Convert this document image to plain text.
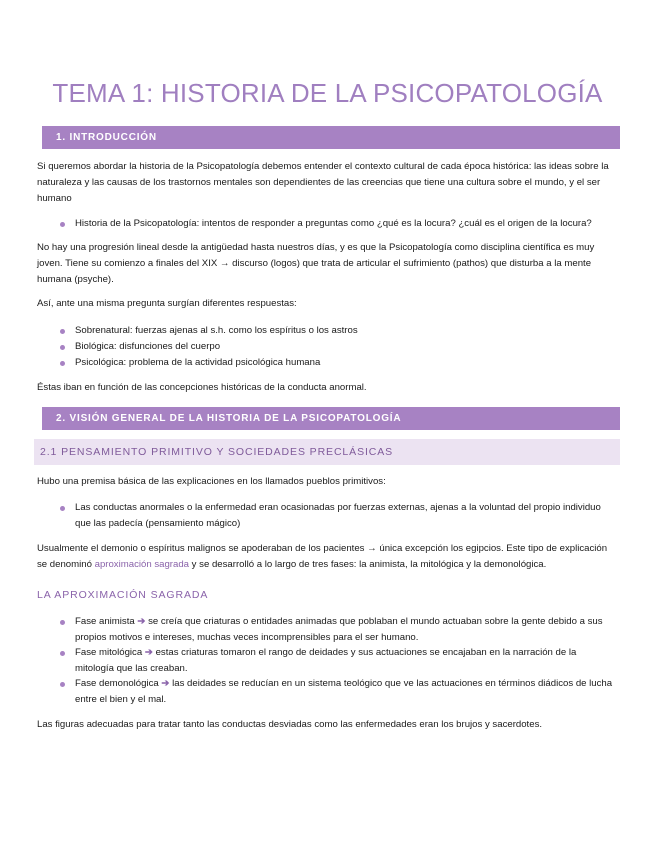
TEMA 1: HISTORIA DE LA PSICOPATOLOGÍA
1. INTRODUCCIÓN

Si queremos abordar la historia de la Psicopatología debemos entender el contexto cultural de cada época histórica: las ideas sobre la naturaleza y las causas de los trastornos mentales son dependientes de las creencias que tiene una cultura sobre el mundo, y el ser humano

Historia de la Psicopatología: intentos de responder a preguntas como ¿qué es la locura? ¿cuál es el origen de la locura?

No hay una progresión lineal desde la antigüedad hasta nuestros días, y es que la Psicopatología como disciplina científica es muy joven. Tiene su comienzo a finales del XIX → discurso (logos) que trata de articular el sufrimiento (pathos) que disturba a la mente humana (psyche).

Así, ante una misma pregunta surgían diferentes respuestas:

Sobrenatural: fuerzas ajenas al s.h. como los espíritus o los astros
Biológica: disfunciones del cuerpo
Psicológica: problema de la actividad psicológica humana

Éstas iban en función de las concepciones históricas de la conducta anormal.

2. VISIÓN GENERAL DE LA HISTORIA DE LA PSICOPATOLOGÍA
2.1 PENSAMIENTO PRIMITIVO Y SOCIEDADES PRECLÁSICAS

Hubo una premisa básica de las explicaciones en los llamados pueblos primitivos:

Las conductas anormales o la enfermedad eran ocasionadas por fuerzas externas, ajenas a la voluntad del propio individuo que las padecía (pensamiento mágico)

Usualmente el demonio o espíritus malignos se apoderaban de los pacientes → única excepción los egipcios. Este tipo de explicación se denominó aproximación sagrada y se desarrolló a lo largo de tres fases: la animista, la mitológica y la demonológica.

LA APROXIMACIÓN SAGRADA
Fase animista ➔ se creía que criaturas o entidades animadas que poblaban el mundo actuaban sobre la gente debido a sus propios motivos e intereses, muchas veces incomprensibles para el ser humano.
Fase mitológica ➔ estas criaturas tomaron el rango de deidades y sus actuaciones se encajaban en la narración de la mitología que las creaban.
Fase demonológica ➔ las deidades se reducían en un sistema teológico que ve las actuaciones en términos diádicos de lucha entre el bien y el mal.

Las figuras adecuadas para tratar tanto las conductas desviadas como las enfermedades eran los brujos y sacerdotes.
